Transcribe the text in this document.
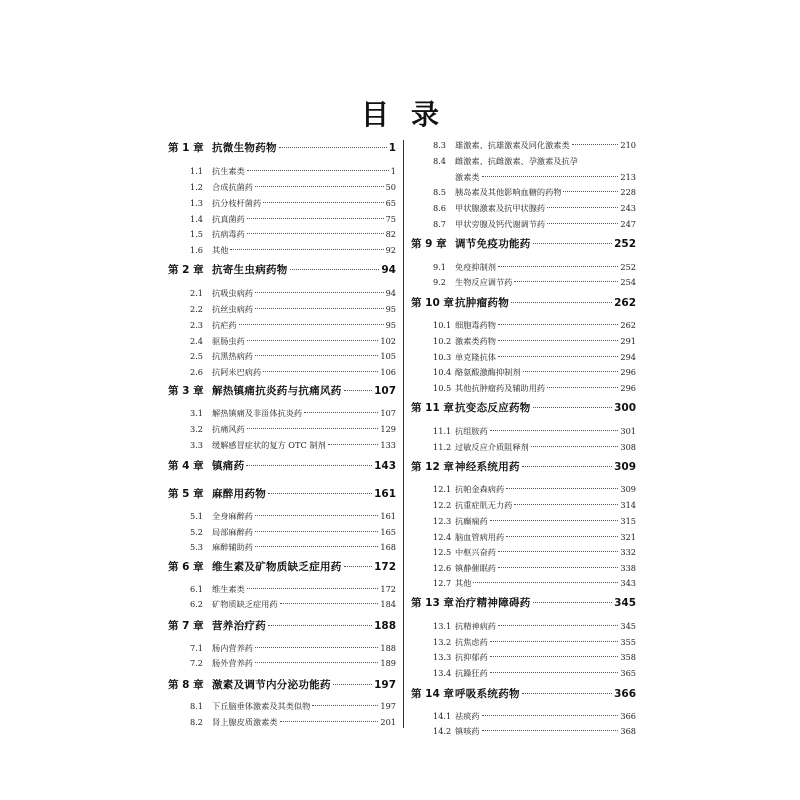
目录
第 1 章 抗微生物药物	1
1.1	抗生素类	1
1.2	合成抗菌药	50
1.3	抗分枝杆菌药	65
1.4	抗真菌药	75
1.5	抗病毒药	82
1.6	其他	92
第 2 章 抗寄生虫病药物	94
2.1	抗吸虫病药	94
2.2	抗丝虫病药	95
2.3	抗疟药	95
2.4	驱肠虫药	102
2.5	抗黑热病药	105
2.6	抗阿米巴病药	106
第 3 章 解热镇痛抗炎药与抗痛风药	107
3.1	解热镇痛及非甾体抗炎药	107
3.2	抗痛风药	129
3.3	缓解感冒症状的复方 OTC 制剂	133
第 4 章 镇痛药	143
第 5 章 麻醉用药物	161
5.1	全身麻醉药	161
5.2	局部麻醉药	165
5.3	麻醉辅助药	168
第 6 章 维生素及矿物质缺乏症用药	172
6.1	维生素类	172
6.2	矿物质缺乏症用药	184
第 7 章 营养治疗药	188
7.1	肠内营养药	188
7.2	肠外营养药	189
第 8 章 激素及调节内分泌功能药	197
8.1	下丘脑垂体激素及其类似物	197
8.2	肾上腺皮质激素类	201
8.3	雄激素、抗雄激素及同化激素类	210
8.4	雌激素、抗雌激素、孕激素及抗孕
激素类	213
8.5	胰岛素及其他影响血糖的药物	228
8.6	甲状腺激素及抗甲状腺药	243
8.7	甲状旁腺及钙代谢调节药	247
第 9 章 调节免疫功能药	252
9.1	免疫抑制剂	252
9.2	生物反应调节药	254
第 10 章 抗肿瘤药物	262
10.1 细胞毒药物	262
10.2 激素类药物	291
10.3 单克隆抗体	294
10.4 酪氨酸激酶抑制剂	296
10.5 其他抗肿瘤药及辅助用药	296
第 11 章 抗变态反应药物	300
11.1 抗组胺药	301
11.2 过敏反应介质阻释剂	308
第 12 章 神经系统用药	309
12.1 抗帕金森病药	309
12.2 抗重症肌无力药	314
12.3 抗癫痫药	315
12.4 脑血管病用药	321
12.5 中枢兴奋药	332
12.6 镇静催眠药	338
12.7 其他	343
第 13 章 治疗精神障碍药	345
13.1 抗精神病药	345
13.2 抗焦虑药	355
13.3 抗抑郁药	358
13.4 抗躁狂药	365
第 14 章 呼吸系统药物	366
14.1 祛痰药	366
14.2 镇咳药	368
